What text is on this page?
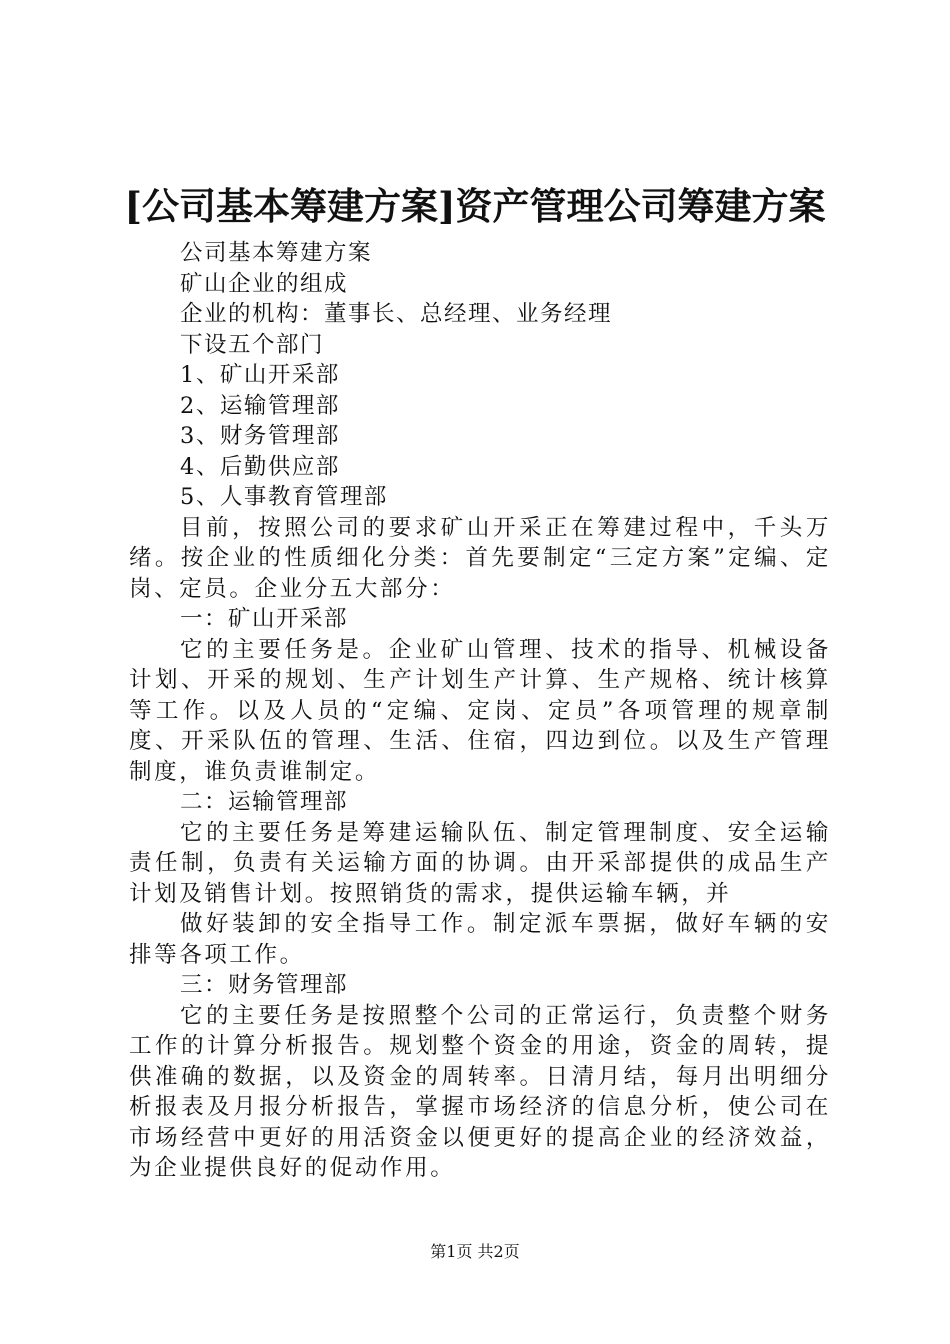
[公司基本筹建方案]资产管理公司筹建方案
公司基本筹建方案
矿山企业的组成
企业的机构：董事长、总经理、业务经理
下设五个部门
1、矿山开采部
2、运输管理部
3、财务管理部
4、后勤供应部
5、人事教育管理部
目前，按照公司的要求矿山开采正在筹建过程中，千头万绪。按企业的性质细化分类：首先要制定“三定方案”定编、定岗、定员。企业分五大部分：
一：矿山开采部
它的主要任务是。企业矿山管理、技术的指导、机械设备计划、开采的规划、生产计划生产计算、生产规格、统计核算等工作。以及人员的“定编、定岗、定员”各项管理的规章制度、开采队伍的管理、生活、住宿，四边到位。以及生产管理制度，谁负责谁制定。
二：运输管理部
它的主要任务是筹建运输队伍、制定管理制度、安全运输责任制，负责有关运输方面的协调。由开采部提供的成品生产计划及销售计划。按照销货的需求，提供运输车辆，并
做好装卸的安全指导工作。制定派车票据，做好车辆的安排等各项工作。
三：财务管理部
它的主要任务是按照整个公司的正常运行，负责整个财务工作的计算分析报告。规划整个资金的用途，资金的周转，提供准确的数据，以及资金的周转率。日清月结，每月出明细分析报表及月报分析报告，掌握市场经济的信息分析，使公司在市场经营中更好的用活资金以便更好的提高企业的经济效益，为企业提供良好的促动作用。
第1页 共2页
